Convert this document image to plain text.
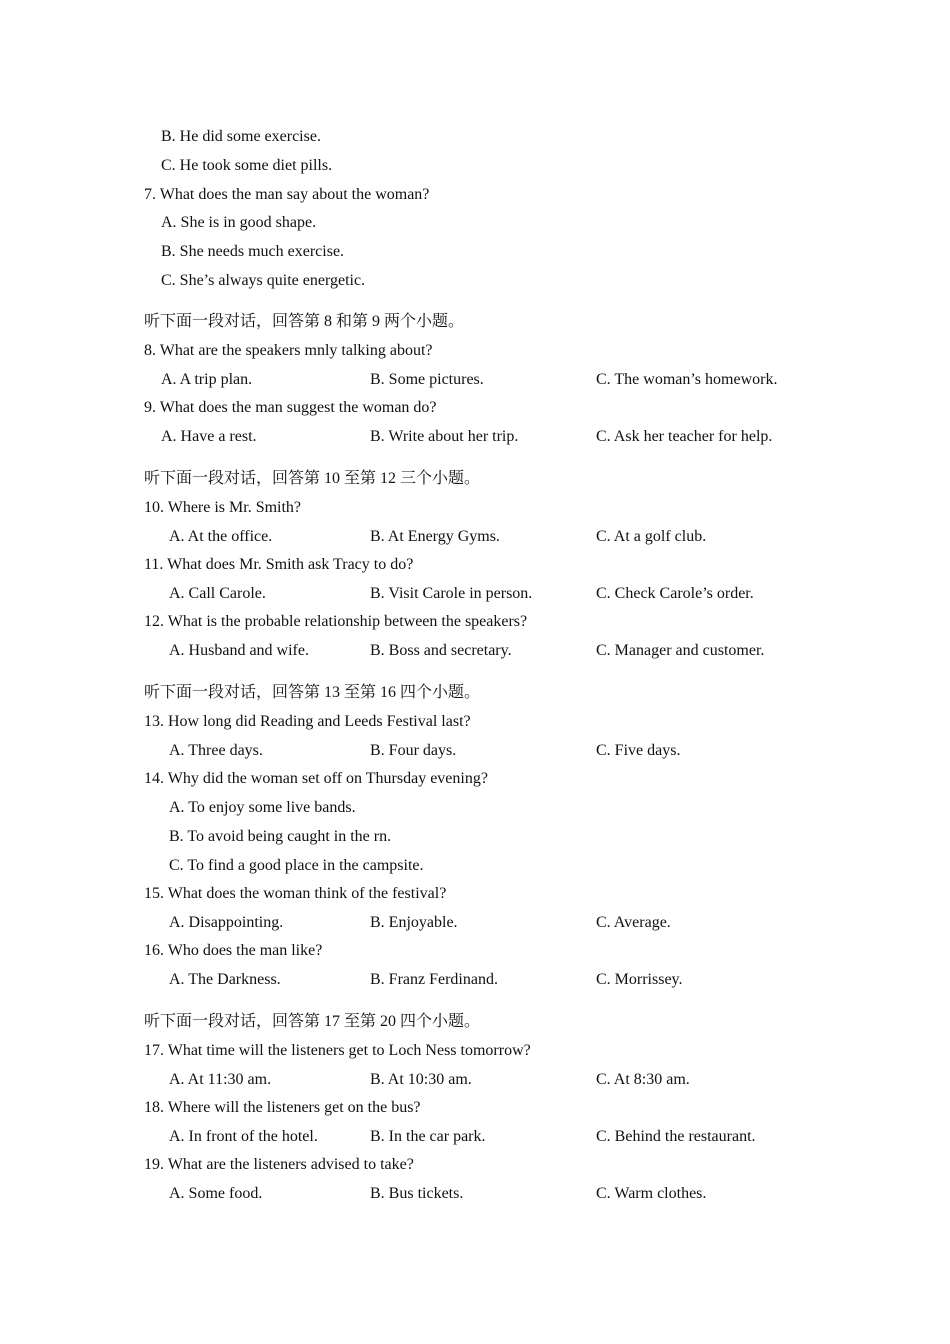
B. He did some exercise.
C. He took some diet pills.
7. What does the man say about the woman?
A. She is in good shape.
B. She needs much exercise.
C. She’s always quite energetic.
听下面一段对话，回答第 8 和第 9 两个小题。
8. What are the speakers mnly talking about?
A. A trip plan.	B. Some pictures.	C. The woman’s homework.
9. What does the man suggest the woman do?
A. Have a rest.	B. Write about her trip.	C. Ask her teacher for help.
听下面一段对话，回答第 10 至第 12 三个小题。
10. Where is Mr. Smith?
A. At the office.	B. At Energy Gyms.	C. At a golf club.
11. What does Mr. Smith ask Tracy to do?
A. Call Carole.	B. Visit Carole in person.	C. Check Carole’s order.
12. What is the probable relationship between the speakers?
A. Husband and wife.	B. Boss and secretary.	C. Manager and customer.
听下面一段对话，回答第 13 至第 16 四个小题。
13. How long did Reading and Leeds Festival last?
A. Three days.	B. Four days.	C. Five days.
14. Why did the woman set off on Thursday evening?
A. To enjoy some live bands.
B. To avoid being caught in the rn.
C. To find a good place in the campsite.
15. What does the woman think of the festival?
A. Disappointing.	B. Enjoyable.	C. Average.
16. Who does the man like?
A. The Darkness.	B. Franz Ferdinand.	C. Morrissey.
听下面一段对话，回答第 17 至第 20 四个小题。
17. What time will the listeners get to Loch Ness tomorrow?
A. At 11:30 am.	B. At 10:30 am.	C. At 8:30 am.
18. Where will the listeners get on the bus?
A. In front of the hotel.	B. In the car park.	C. Behind the restaurant.
19. What are the listeners advised to take?
A. Some food.	B. Bus tickets.	C. Warm clothes.
